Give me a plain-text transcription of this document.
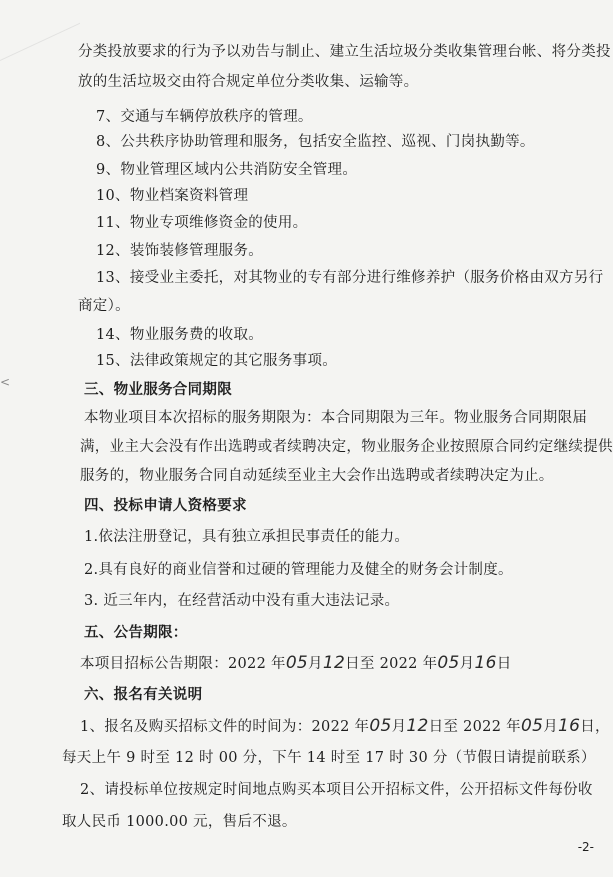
<
分类投放要求的行为予以劝告与制止、建立生活垃圾分类收集管理台帐、将分类投
放的生活垃圾交由符合规定单位分类收集、运输等。
7、交通与车辆停放秩序的管理。
8、公共秩序协助管理和服务，包括安全监控、巡视、门岗执勤等。
9、物业管理区域内公共消防安全管理。
10、物业档案资料管理
11、物业专项维修资金的使用。
12、装饰装修管理服务。
13、接受业主委托，对其物业的专有部分进行维修养护（服务价格由双方另行
商定）。
14、物业服务费的收取。
15、法律政策规定的其它服务事项。
三、物业服务合同期限
本物业项目本次招标的服务期限为：本合同期限为三年。物业服务合同期限届
满，业主大会没有作出选聘或者续聘决定，物业服务企业按照原合同约定继续提供
服务的，物业服务合同自动延续至业主大会作出选聘或者续聘决定为止。
四、投标申请人资格要求
1.依法注册登记，具有独立承担民事责任的能力。
2.具有良好的商业信誉和过硬的管理能力及健全的财务会计制度。
3. 近三年内，在经营活动中没有重大违法记录。
五、公告期限：
本项目招标公告期限：2022 年05月12日至 2022 年05月16日
六、报名有关说明
1、报名及购买招标文件的时间为：2022 年05月12日至 2022 年05月16日，
每天上午 9 时至 12 时 00 分，下午 14 时至 17 时 30 分（节假日请提前联系）
2、请投标单位按规定时间地点购买本项目公开招标文件，公开招标文件每份收
取人民币 1000.00 元，售后不退。
-2-
